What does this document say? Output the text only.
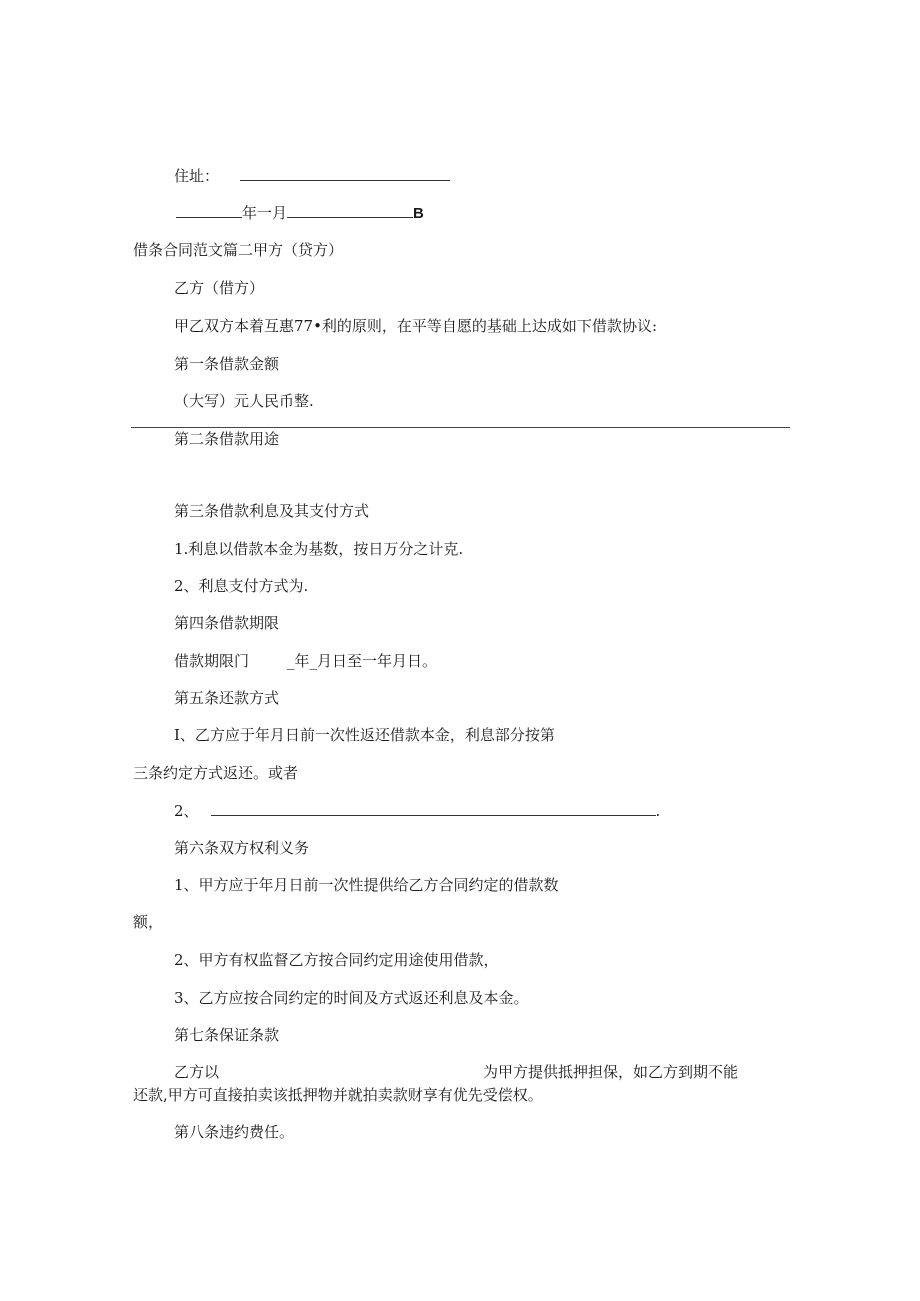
住址：
年一月	B
借条合同范文篇二甲方（贷方）
乙方（借方）
甲乙双方本着互惠77•利的原则，在平等自愿的基础上达成如下借款协议:
第一条借款金额
（大写）元人民币整.
第二条借款用途
第三条借款利息及其支付方式
1.利息以借款本金为基数，按日万分之计克.
2、利息支付方式为.
第四条借款期限
借款期限门	_年_月日至一年月日。
第五条还款方式
I、乙方应于年月日前一次性返还借款本金，利息部分按第
三条约定方式返还。或者
2、	.
第六条双方权利义务
1、甲方应于年月日前一次性提供给乙方合同约定的借款数
额，
2、甲方有权监督乙方按合同约定用途使用借款，
3、乙方应按合同约定的时间及方式返还利息及本金。
第七条保证条款
乙方以	为甲方提供抵押担保，如乙方到期不能
还款,甲方可直接拍卖该抵押物并就拍卖款财享有优先受偿权。
第八条违约费任。
